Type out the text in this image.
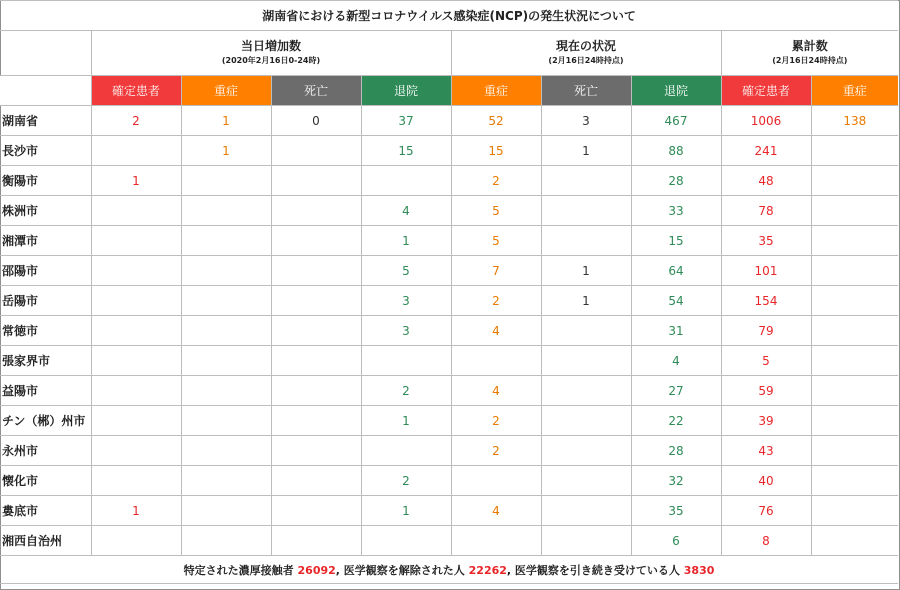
湖南省における新型コロナウイルス感染症(NCP)の発生状況について									

	当日増加数
(2020年2月16日0-24時)				現在の状況
(2月16日24時持点)			累計数
(2月16日24時持点)	

	確定患者	重症	死亡	退院	重症	死亡	退院	確定患者	重症
湖南省	2	1	0	37	52	3	467	1006	138
長沙市		1		15	15	1	88	241	
衡陽市	1				2		28	48	
株洲市				4	5		33	78	
湘潭市				1	5		15	35	
邵陽市				5	7	1	64	101	
岳陽市				3	2	1	54	154	
常徳市				3	4		31	79	
張家界市							4	5	
益陽市				2	4		27	59	
チン（郴）州市				1	2		22	39	
永州市					2		28	43	
懐化市				2			32	40	
婁底市	1			1	4		35	76	
湘西自治州							6	8	
特定された濃厚接触者 26092, 医学観察を解除された人 22262, 医学観察を引き続き受けている人 3830									
